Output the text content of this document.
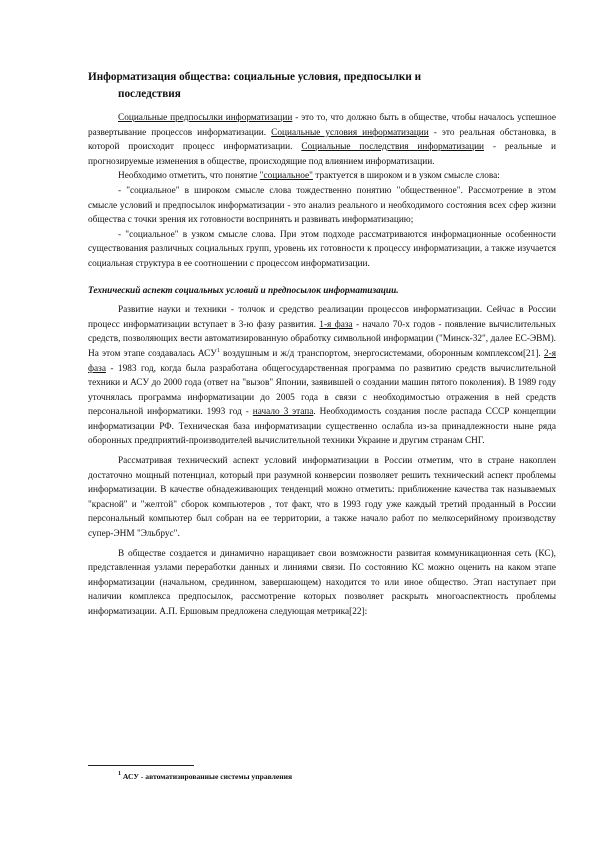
Информатизация общества: социальные условия, предпосылки и
последствия

Социальные предпосылки информатизации - это то, что должно быть в обществе, чтобы началось успешное развертывание процессов информатизации. Социальные условия информатизации - это реальная обстановка, в которой происходит процесс информатизации. Социальные последствия информатизации - реальные и прогнозируемые изменения в обществе, происходящие под влиянием информатизации.

Необходимо отметить, что понятие "социальное" трактуется в широком и в узком смысле слова:

- "социальное" в широком смысле слова тождественно понятию "общественное". Рассмотрение в этом смысле условий и предпосылок информатизации - это анализ реального и необходимого состояния всех сфер жизни общества с точки зрения их готовности воспринять и развивать информатизацию;

- "социальное" в узком смысле слова. При этом подходе рассматриваются информационные особенности существования различных социальных групп, уровень их готовности к процессу информатизации, а также изучается социальная структура в ее соотношении с процессом информатизации.

Технический аспект социальных условий и предпосылок информатизации.

Развитие науки и техники - толчок и средство реализации процессов информатизации. Сейчас в России процесс информатизации вступает в 3-ю фазу развития. 1-я фаза - начало 70-х годов - появление вычислительных средств, позволяющих вести автоматизированную обработку символьной информации ("Минск-32", далее ЕС-ЭВМ). На этом этапе создавалась АСУ$^1$ воздушным и ж/д транспортом, энергосистемами, оборонным комплексом[21]. 2-я фаза - 1983 год, когда была разработана общегосударственная программа по развитию средств вычислительной техники и АСУ до 2000 года (ответ на "вызов" Японии, заявившей о создании машин пятого поколения). В 1989 году уточнялась программа информатизации до 2005 года в связи с необходимостью отражения в ней средств персональной информатики. 1993 год - начало 3 этапа. Необходимость создания после распада СССР концепции информатизации РФ. Техническая база информатизации существенно ослабла из-за принадлежности ныне ряда оборонных предприятий-производителей вычислительной техники Украине и другим странам СНГ.

Рассматривая технический аспект условий информатизации в России отметим, что в стране накоплен достаточно мощный потенциал, который при разумной конверсии позволяет решить технический аспект проблемы информатизации. В качестве обнадеживающих тенденций можно отметить: приближение качества так называемых "красной" и "желтой" сборок компьютеров , тот факт, что в 1993 году уже каждый третий проданный в России персональный компьютер был собран на ее территории, а также начало работ по мелкосерийному производству супер-ЭНМ "Эльбрус".

В обществе создается и динамично наращивает свои возможности развитая коммуникационная сеть (КС), представленная узлами переработки данных и линиями связи. По состоянию КС можно оценить на каком этапе информатизации (начальном, срединном, завершающем) находится то или иное общество. Этап наступает при наличии комплекса предпосылок, рассмотрение которых позволяет раскрыть многоаспектность проблемы информатизации. А.П. Ершовым предложена следующая метрика[22]:

$^1$ АСУ - автоматизированные системы управления
